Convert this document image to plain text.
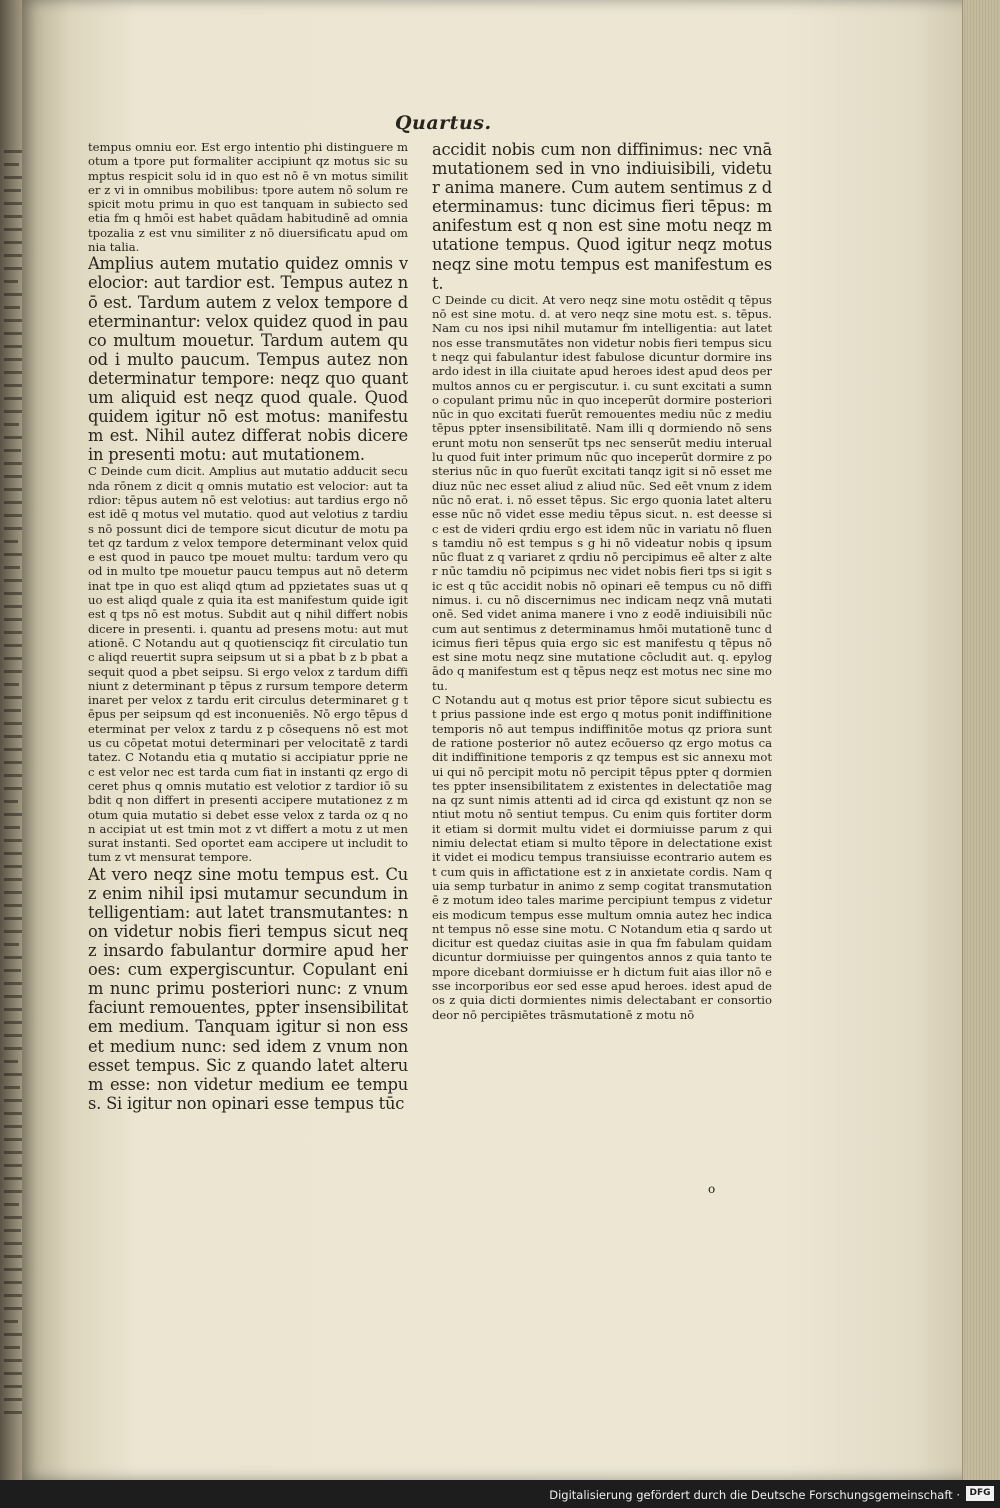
Quartus.

tempus omniu eor. Est ergo intentio phi distinguere motum a tpore put formaliter accipiunt qz motus sic sumptus respicit solu id in quo est nō ē vn motus similiter z vi in omnibus mobilibus: tpore autem nō solum respicit motu primu in quo est tanquam in subiecto sed etia fm q hmōi est habet quādam habitudinē ad omnia tpozalia z est vnu similiter z nō diuersificatu apud omnia talia.

Amplius autem mutatio quidez omnis velocior: aut tardior est. Tempus autez nō est. Tardum autem z velox tempore determinantur: velox quidez quod in pauco multum mouetur. Tardum autem quod i multo paucum. Tempus autez non determinatur tempore: neqz quo quantum aliquid est neqz quod quale. Quod quidem igitur nō est motus: manifestum est. Nihil autez differat nobis dicere in presenti motu: aut mutationem.

C Deinde cum dicit. Amplius aut mutatio adducit secunda rōnem z dicit q omnis mutatio est velocior: aut tardior: tēpus autem nō est velotius: aut tardius ergo nō est idē q motus vel mutatio. quod aut velotius z tardius nō possunt dici de tempore sicut dicutur de motu patet qz tardum z velox tempore determinant velox quide est quod in pauco tpe mouet multu: tardum vero quod in multo tpe mouetur paucu tempus aut nō determinat tpe in quo est aliqd qtum ad ppzietates suas ut quo est aliqd quale z quia ita est manifestum quide igit est q tps nō est motus. Subdit aut q nihil differt nobis dicere in presenti. i. quantu ad presens motu: aut mutationē. C Notandu aut q quotiensciqz fit circulatio tunc aliqd reuertit supra seipsum ut si a pbat b z b pbat a sequit quod a pbet seipsu. Si ergo velox z tardum diffiniunt z determinant p tēpus z rursum tempore determinaret per velox z tardu erit circulus determinaret g tēpus per seipsum qd est inconueniēs. Nō ergo tēpus determinat per velox z tardu z p cōsequens nō est motus cu cōpetat motui determinari per velocitatē z tarditatez. C Notandu etia q mutatio si accipiatur pprie nec est velor nec est tarda cum fiat in instanti qz ergo diceret phus q omnis mutatio est velotior z tardior iō subdit q non differt in presenti accipere mutationez z motum quia mutatio si debet esse velox z tarda oz q non accipiat ut est tmin mot z vt differt a motu z ut mensurat instanti. Sed oportet eam accipere ut includit totum z vt mensurat tempore.

At vero neqz sine motu tempus est. Cuz enim nihil ipsi mutamur secundum intelligentiam: aut latet transmutantes: non videtur nobis fieri tempus sicut neqz insardo fabulantur dormire apud heroes: cum expergiscuntur. Copulant enim nunc primu posteriori nunc: z vnum faciunt remouentes, ppter insensibilitatem medium. Tanquam igitur si non esset medium nunc: sed idem z vnum non esset tempus. Sic z quando latet alterum esse: non videtur medium ee tempus. Si igitur non opinari esse tempus tūc

accidit nobis cum non diffinimus: nec vnā mutationem sed in vno indiuisibili, videtur anima manere. Cum autem sentimus z determinamus: tunc dicimus fieri tēpus: manifestum est q non est sine motu neqz mutatione tempus. Quod igitur neqz motus neqz sine motu tempus est manifestum est.

C Deinde cu dicit. At vero neqz sine motu ostēdit q tēpus nō est sine motu. d. at vero neqz sine motu est. s. tēpus. Nam cu nos ipsi nihil mutamur fm intelligentia: aut latet nos esse transmutātes non videtur nobis fieri tempus sicut neqz qui fabulantur idest fabulose dicuntur dormire insardo idest in illa ciuitate apud heroes idest apud deos per multos annos cu er pergiscutur. i. cu sunt excitati a sumno copulant primu nūc in quo inceperūt dormire posteriori nūc in quo excitati fuerūt remouentes mediu nūc z mediu tēpus ppter insensibilitatē. Nam illi q dormiendo nō senserunt motu non senserūt tps nec senserūt mediu interuallu quod fuit inter primum nūc quo inceperūt dormire z posterius nūc in quo fuerūt excitati tanqz igit si nō esset mediuz nūc nec esset aliud z aliud nūc. Sed eēt vnum z idem nūc nō erat. i. nō esset tēpus. Sic ergo quonia latet alteru esse nūc nō videt esse mediu tēpus sicut. n. est deesse sic est de videri qrdiu ergo est idem nūc in variatu nō fluens tamdiu nō est tempus s g hi nō videatur nobis q ipsum nūc fluat z q variaret z qrdiu nō percipimus eē alter z alter nūc tamdiu nō pcipimus nec videt nobis fieri tps si igit sic est q tūc accidit nobis nō opinari eē tempus cu nō diffinimus. i. cu nō discernimus nec indicam neqz vnā mutationē. Sed videt anima manere i vno z eodē indiuisibili nūc cum aut sentimus z determinamus hmōi mutationē tunc dicimus fieri tēpus quia ergo sic est manifestu q tēpus nō est sine motu neqz sine mutatione cōcludit aut. q. epylogādo q manifestum est q tēpus neqz est motus nec sine motu.

C Notandu aut q motus est prior tēpore sicut subiectu est prius passione inde est ergo q motus ponit indiffinitione temporis nō aut tempus indiffinitōe motus qz priora sunt de ratione posterior nō autez ecōuerso qz ergo motus cadit indiffinitione temporis z qz tempus est sic annexu motui qui nō percipit motu nō percipit tēpus ppter q dormientes ppter insensibilitatem z existentes in delectatiōe magna qz sunt nimis attenti ad id circa qd existunt qz non sentiut motu nō sentiut tempus. Cu enim quis fortiter dormit etiam si dormit multu videt ei dormiuisse parum z qui nimiu delectat etiam si multo tēpore in delectatione existit videt ei modicu tempus transiuisse econtrario autem est cum quis in affictatione est z in anxietate cordis. Nam quia semp turbatur in animo z semp cogitat transmutationē z motum ideo tales marime percipiunt tempus z videtur eis modicum tempus esse multum omnia autez hec indicant tempus nō esse sine motu. C Notandum etia q sardo ut dicitur est quedaz ciuitas asie in qua fm fabulam quidam dicuntur dormiuisse per quingentos annos z quia tanto tempore dicebant dormiuisse er h dictum fuit aias illor nō esse incorporibus eor sed esse apud heroes. idest apud deos z quia dicti dormientes nimis delectabant er consortio deor nō percipiētes trāsmutationē z motu nō

o
Digitalisierung gefördert durch die Deutsche Forschungsgemeinschaft ·	DFG
